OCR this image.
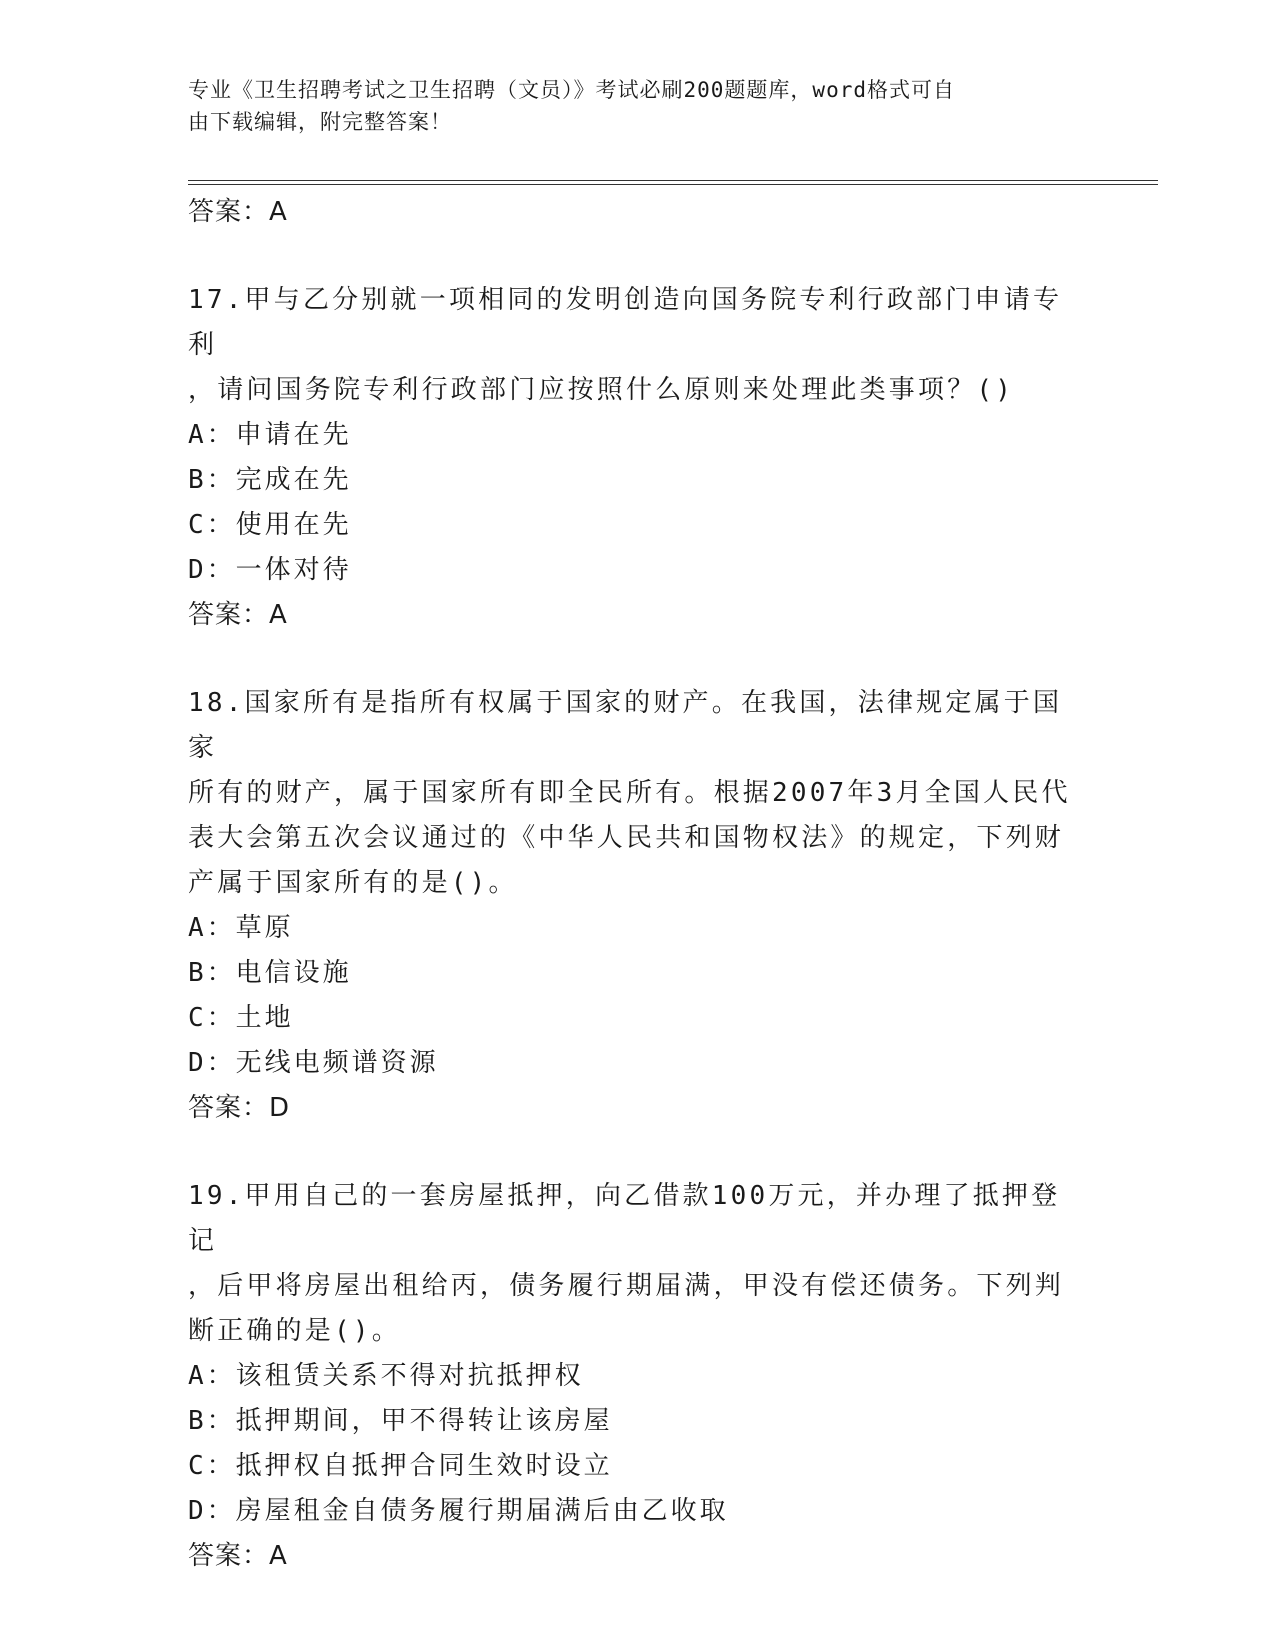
专业《卫生招聘考试之卫生招聘（文员）》考试必刷200题题库，word格式可自
由下载编辑，附完整答案！

答案：A

17.甲与乙分别就一项相同的发明创造向国务院专利行政部门申请专利

，请问国务院专利行政部门应按照什么原则来处理此类事项？()

A：申请在先

B：完成在先

C：使用在先

D：一体对待

答案：A

18.国家所有是指所有权属于国家的财产。在我国，法律规定属于国家

所有的财产，属于国家所有即全民所有。根据2007年3月全国人民代

表大会第五次会议通过的《中华人民共和国物权法》的规定，下列财

产属于国家所有的是()。

A：草原

B：电信设施

C：土地

D：无线电频谱资源

答案：D

19.甲用自己的一套房屋抵押，向乙借款100万元，并办理了抵押登记

，后甲将房屋出租给丙，债务履行期届满，甲没有偿还债务。下列判

断正确的是()。

A：该租赁关系不得对抗抵押权

B：抵押期间，甲不得转让该房屋

C：抵押权自抵押合同生效时设立

D：房屋租金自债务履行期届满后由乙收取

答案：A
